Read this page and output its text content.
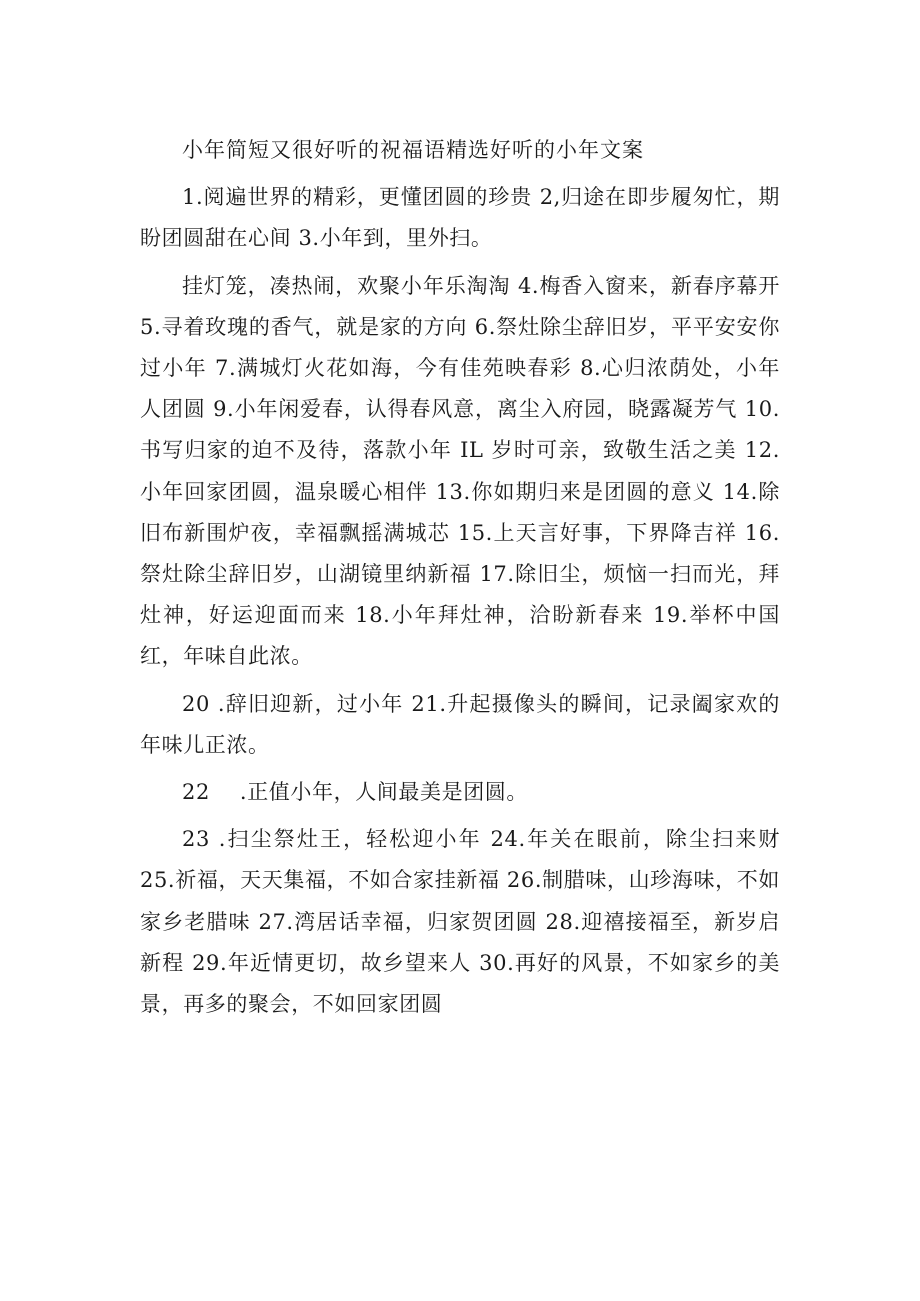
小年简短又很好听的祝福语精选好听的小年文案

1.阅遍世界的精彩，更懂团圆的珍贵 2,归途在即步履匆忙，期盼团圆甜在心间 3.小年到，里外扫。

挂灯笼，凑热闹，欢聚小年乐淘淘 4.梅香入窗来，新春序幕开 5.寻着玫瑰的香气，就是家的方向 6.祭灶除尘辞旧岁，平平安安你过小年 7.满城灯火花如海，今有佳苑映春彩 8.心归浓荫处，小年人团圆 9.小年闲爱春，认得春风意，离尘入府园，晓露凝芳气 10.书写归家的迫不及待，落款小年 IL 岁时可亲，致敬生活之美 12.小年回家团圆，温泉暖心相伴 13.你如期归来是团圆的意义 14.除旧布新围炉夜，幸福飘摇满城芯 15.上天言好事，下界降吉祥 16.祭灶除尘辞旧岁，山湖镜里纳新福 17.除旧尘，烦恼一扫而光，拜灶神，好运迎面而来 18.小年拜灶神，洽盼新春来 19.举杯中国红，年味自此浓。

20 .辞旧迎新，过小年 21.升起摄像头的瞬间，记录阖家欢的年味儿正浓。

22 .正值小年，人间最美是团圆。

23 .扫尘祭灶王，轻松迎小年 24.年关在眼前，除尘扫来财 25.祈福，天天集福，不如合家挂新福 26.制腊味，山珍海味，不如家乡老腊味 27.湾居话幸福，归家贺团圆 28.迎禧接福至，新岁启新程 29.年近情更切，故乡望来人 30.再好的风景，不如家乡的美景，再多的聚会，不如回家团圆
